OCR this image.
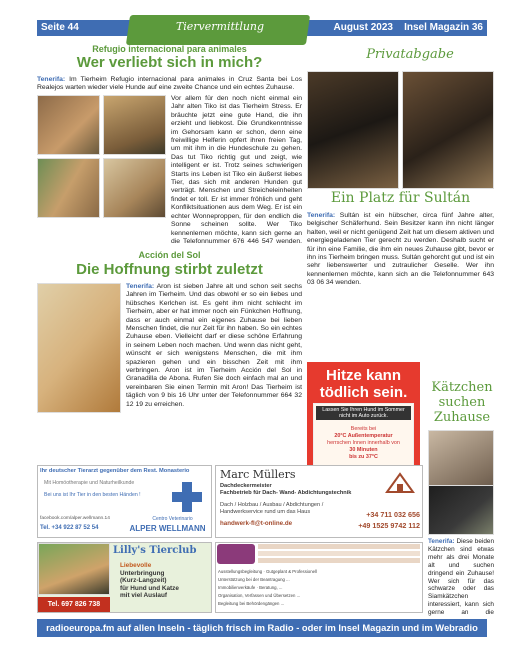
Seite 44	Tiervermittlung	August 2023    Insel Magazin 36
Refugio internacional para animales
Wer verliebt sich in mich?
Tenerifa: Im Tierheim Refugio internacional para animales in Cruz Santa bei Los Realejos warten wieder viele Hunde auf eine zweite Chance und ein echtes Zuhause.
Vor allem für den noch nicht einmal ein Jahr alten Tiko ist das Tierheim Stress. Er bräuchte jetzt eine gute Hand, die ihn erzieht und liebkost. Die Grundkenntnisse im Gehorsam kann er schon, denn eine freiwillige Helferin opfert ihren freien Tag, um mit ihm in die Hundeschule zu gehen. Das tut Tiko richtig gut und zeigt, wie intelligent er ist. Trotz seines schwierigen Starts ins Leben ist Tiko ein äußerst liebes Tier, das sich mit anderen Hunden gut verträgt. Menschen und Streicheleinheiten findet er toll. Er ist immer fröhlich und geht Konfliktsituationen aus dem Weg. Er ist ein echter Wonneproppen, für den endlich die Sonne scheinen sollte. Wer Tiko kennenlernen möchte, kann sich gerne an die Telefonnummer 676 446 547 wenden.
Acción del Sol
Die Hoffnung stirbt zuletzt
Tenerifa: Aron ist sieben Jahre alt und schon seit sechs Jahren im Tierheim. Und das obwohl er so ein liebes und hübsches Kerlchen ist. Es geht ihm nicht schlecht im Tierheim, aber er hat immer noch ein Fünkchen Hoffnung, dass er auch einmal ein eigenes Zuhause bei lieben Menschen findet, die nur Zeit für ihn haben. So ein echtes Zuhause eben. Vielleicht darf er diese schöne Erfahrung in seinem Leben noch machen. Und wenn das nicht geht, wünscht er sich wenigstens Menschen, die mit ihm spazieren gehen und ein bisschen Zeit mit ihm verbringen. Aron ist im Tierheim Acción del Sol in Granadilla de Abona. Rufen Sie doch einfach mal an und vereinbaren Sie einen Termin mit Aron! Das Tierheim ist täglich von 9 bis 16 Uhr unter der Telefonnummer 664 32 12 19 zu erreichen.
Privatabgabe
Ein Platz für Sultán
Tenerifa: Sultán ist ein hübscher, circa fünf Jahre alter, belgischer Schäferhund. Sein Besitzer kann ihn nicht länger halten, weil er nicht genügend Zeit hat um diesem aktiven und energiegeladenen Tier gerecht zu werden. Deshalb sucht er für ihn eine Familie, die ihm ein neues Zuhause gibt, bevor er ihn ins Tierheim bringen muss. Sultán gehorcht gut und ist ein sehr liebenswerter und zutraulicher Geselle. Wer ihn kennenlernen möchte, kann sich an die Telefonnummer 643 03 06 34 wenden.
Hitze kann tödlich sein.
Lassen Sie Ihren Hund im Sommer nicht im Auto zurück.
Bereits bei
20°C Außentemperatur
herrschen Innen innerhalb von
30 Minuten
bis zu 37°C
Kätzchen suchen Zuhause
Tenerifa: Diese beiden Kätzchen sind etwas mehr als drei Monate alt und suchen dringend ein Zuhause! Wer sich für das schwarze oder das Siamkätzchen interessiert, kann sich gerne an die
Ihr deutscher Tierarzt gegenüber dem Rest. Monasterio
Mit Homöotherapie und Naturheilkunde
Bei uns ist Ihr Tier in den besten Händen !
facebook.com/alper.wellmann.14
Tel. +34 922 87 52 54
Centro Veterinario
ALPER WELLMANN
Marc Müllers
Dachdeckermeister
Fachbetrieb für Dach- Wand- Abdichtungstechnik
Dach / Holzbau / Ausbau / Abdichtungen /
Handwerkservice rund um das Haus
handwerk-fl@t-online.de
+34 711 032 656
+49 1525 9742 112
Lilly's Tierclub
Liebevolle
Unterbringung
(Kurz-Langzeit)
für Hund und Katze
mit viel Auslauf
Tel. 697 826 738
Ausstellungsbegleitung · Gutgeplant & Professionell
Unterstützung bei der Beantragung ...
Immobilienverkäufe · Beratung, ...
Organisation, Verfassen und Übersetzen ...
Begleitung bei Behördengängen ...
radioeuropa.fm auf allen Inseln - täglich frisch im Radio - oder im Insel Magazin und im Webradio
